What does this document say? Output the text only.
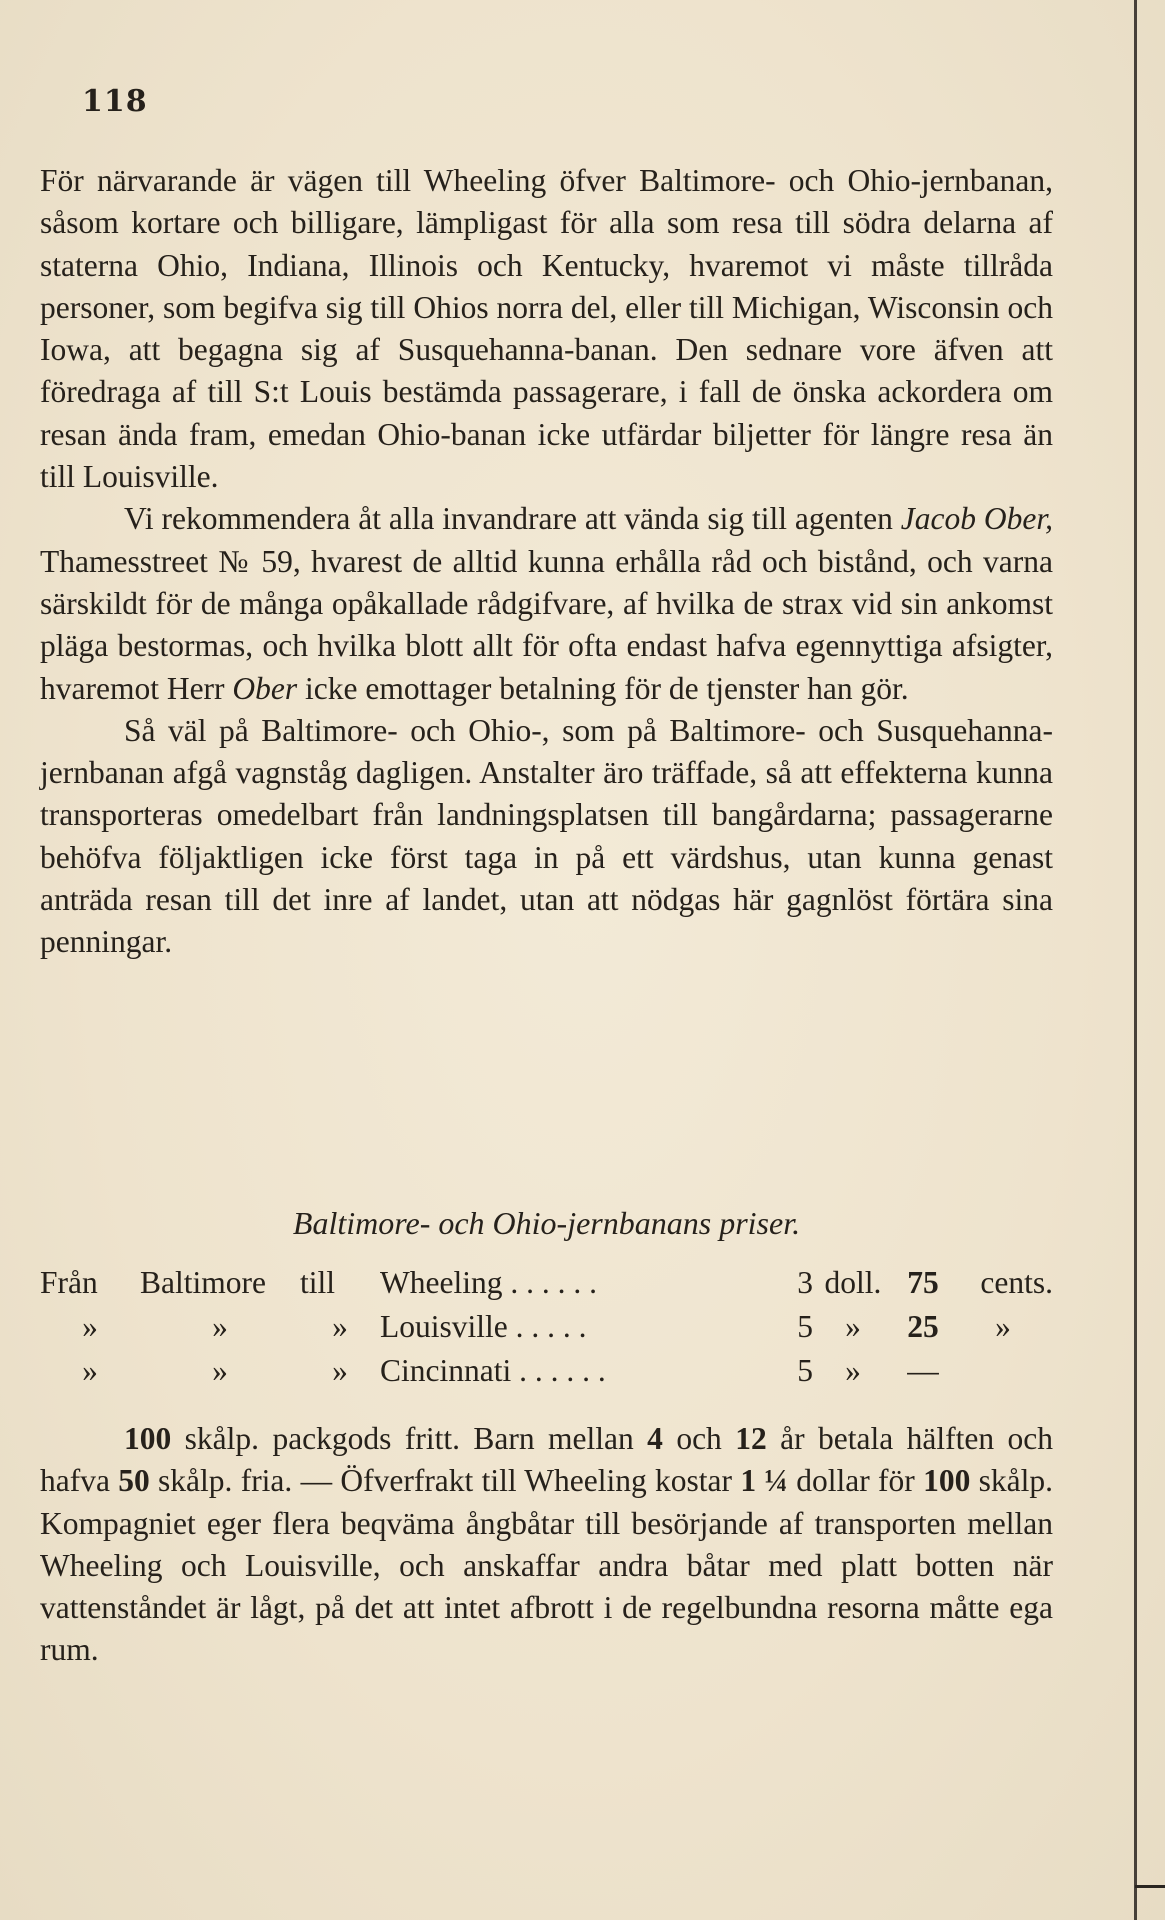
118

För närvarande är vägen till Wheeling öfver Baltimore- och Ohio-jernbanan, såsom kortare och billigare, lämpligast för alla som resa till södra delarna af staterna Ohio, Indiana, Illinois och Kentucky, hvaremot vi måste tillråda personer, som begifva sig till Ohios norra del, eller till Michigan, Wisconsin och Iowa, att begagna sig af Susquehanna-banan. Den sednare vore äfven att föredraga af till S:t Louis bestämda passagerare, i fall de önska ackordera om resan ända fram, emedan Ohio-banan icke utfärdar biljetter för längre resa än till Louisville.

Vi rekommendera åt alla invandrare att vända sig till agenten Jacob Ober, Thamesstreet № 59, hvarest de alltid kunna erhålla råd och bistånd, och varna särskildt för de många opåkallade rådgifvare, af hvilka de strax vid sin ankomst pläga bestormas, och hvilka blott allt för ofta endast hafva egennyttiga afsigter, hvaremot Herr Ober icke emottager betalning för de tjenster han gör.

Så väl på Baltimore- och Ohio-, som på Baltimore- och Susquehanna-jernbanan afgå vagnståg dagligen. Anstalter äro träffade, så att effekterna kunna transporteras omedelbart från landningsplatsen till bangårdarna; passagerarne behöfva följaktligen icke först taga in på ett värdshus, utan kunna genast anträda resan till det inre af landet, utan att nödgas här gagnlöst förtära sina penningar.

Baltimore- och Ohio-jernbanans priser.
Från	Baltimore	till	Wheeling . . . . . .	3 doll. 75	cents.
»	»	»	Louisville . . . . .	5	»	25	»
»	»	»	Cincinnati . . . . . .	5	»	—

100 skålp. packgods fritt. Barn mellan 4 och 12 år betala hälften och hafva 50 skålp. fria. — Öfverfrakt till Wheeling kostar 1 ¼ dollar för 100 skålp. Kompagniet eger flera beqväma ångbåtar till besörjande af transporten mellan Wheeling och Louisville, och anskaffar andra båtar med platt botten när vattenståndet är lågt, på det att intet afbrott i de regelbundna resorna måtte ega rum.
